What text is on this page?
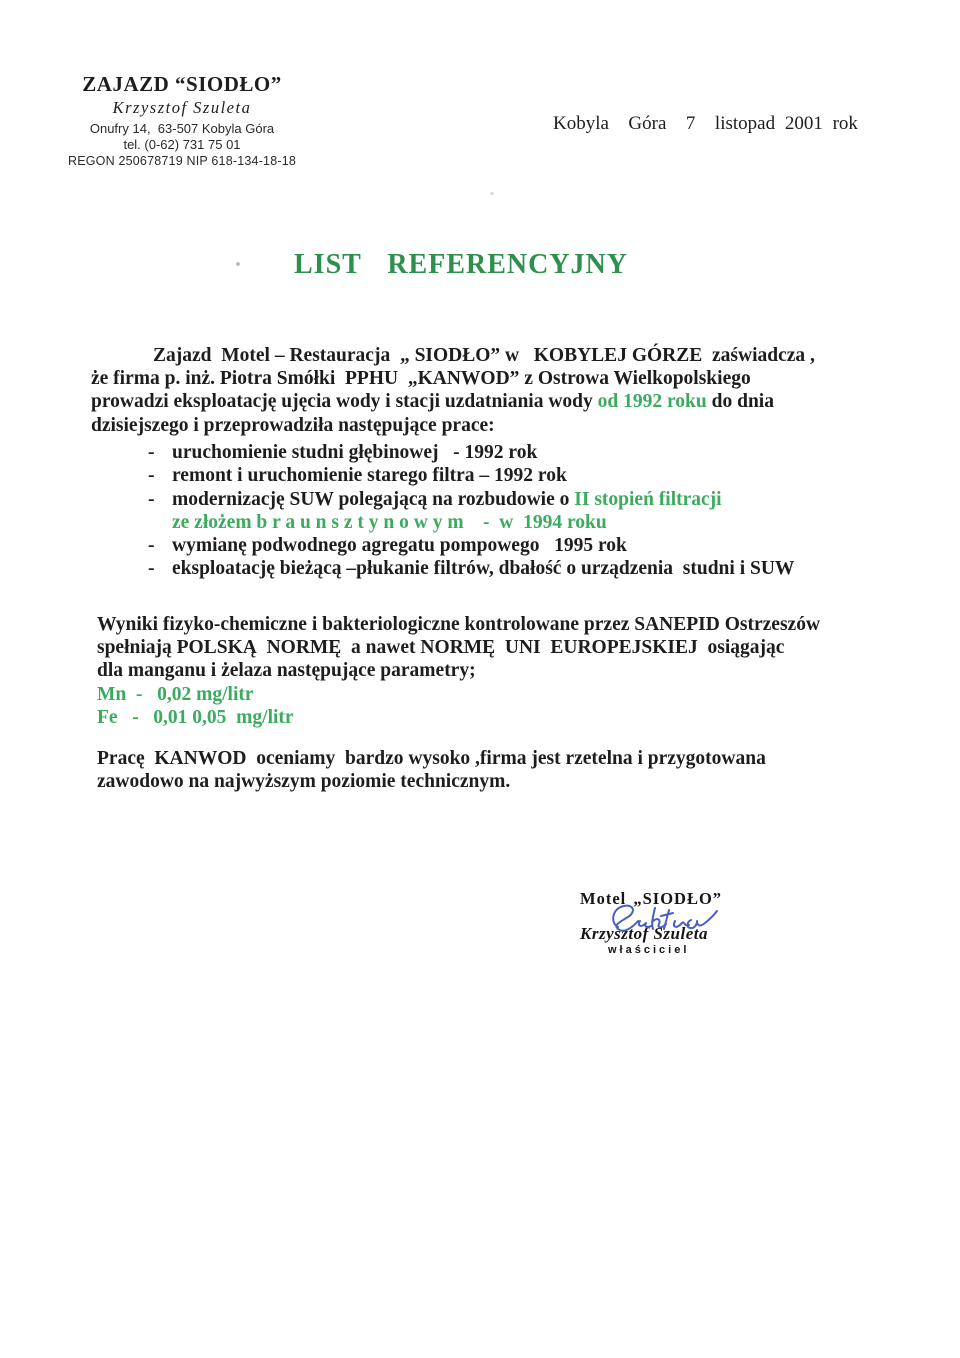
ZAJAZD “SIODŁO”
Krzysztof Szuleta
Onufry 14,  63-507 Kobyla Góra
tel. (0-62) 731 75 01
REGON 250678719 NIP 618-134-18-18
Kobyla  Góra  7  listopad 2001 rok
LIST REFERENCYJNY

Zajazd  Motel – Restauracja  „ SIODŁO” w   KOBYLEJ GÓRZE  zaświadcza ,

że firma p. inż. Piotra Smółki  PPHU  „KANWOD” z Ostrowa Wielkopolskiego

prowadzi eksploatację ujęcia wody i stacji uzdatniania wody od 1992 roku do dnia

dzisiejszego i przeprowadziła następujące prace:

- uruchomienie studni głębinowej   - 1992 rok
- remont i uruchomienie starego filtra – 1992 rok
- modernizację SUW polegającą na rozbudowie o II stopień filtracji
ze złożem b r a u n s z t y n o w y m    -  w  1994 roku
- wymianę podwodnego agregatu pompowego   1995 rok
- eksploatację bieżącą –płukanie filtrów, dbałość o urządzenia  studni i SUW

Wyniki fizyko-chemiczne i bakteriologiczne kontrolowane przez SANEPID Ostrzeszów

spełniają POLSKĄ  NORMĘ  a nawet NORMĘ  UNI  EUROPEJSKIEJ  osiągając

dla manganu i żelaza następujące parametry;

Mn  -   0,02 mg/litr

Fe   -   0,01 0,05  mg/litr

Pracę  KANWOD  oceniamy  bardzo wysoko ,firma jest rzetelna i przygotowana

zawodowo na najwyższym poziomie technicznym.

Motel „SIODŁO”
Krzysztof Szuleta
właściciel
